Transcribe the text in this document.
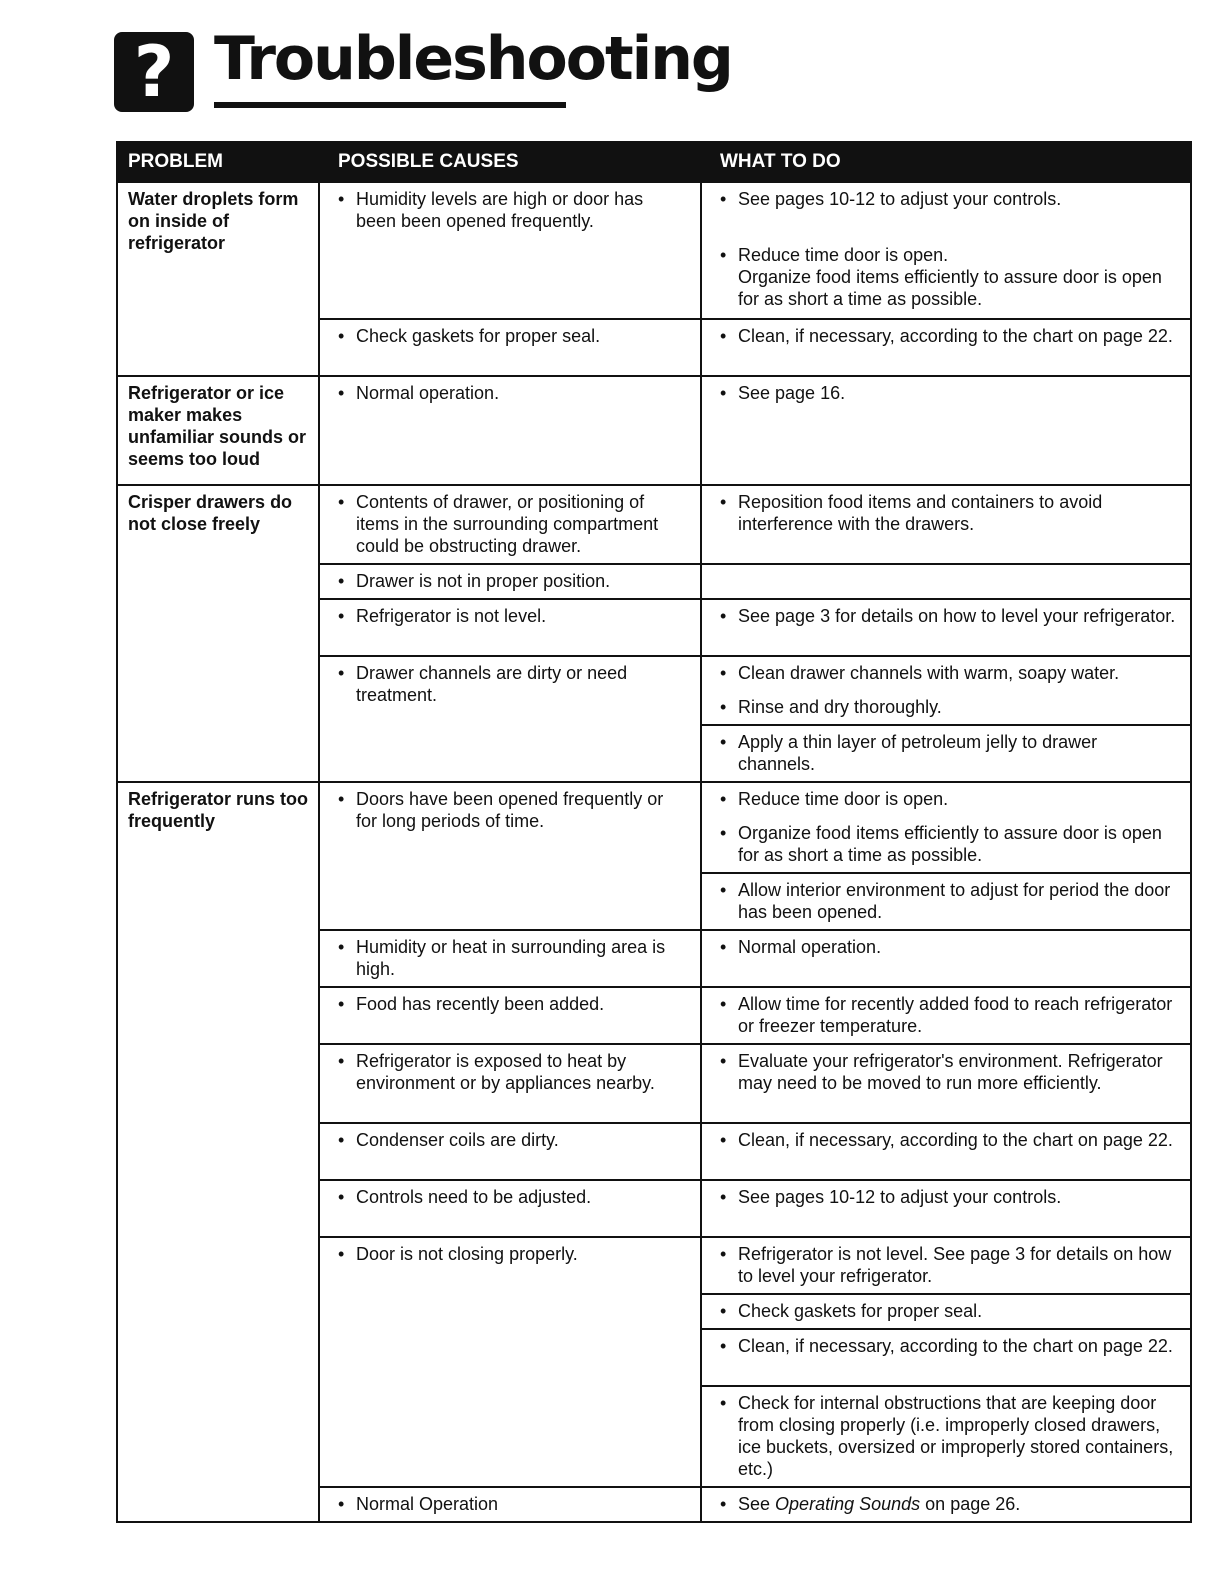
? Troubleshooting
PROBLEM	POSSIBLE CAUSES	WHAT TO DO
Water droplets form on inside of refrigerator	• Humidity levels are high or door has been been opened frequently.	• See pages 10-12 to adjust your controls.
• Reduce time door is open.
Organize food items efficiently to assure door is open for as short a time as possible.

	• Check gaskets for proper seal.	• Clean, if necessary, according to the chart on page 22.

Refrigerator or ice maker makes unfamiliar sounds or seems too loud	• Normal operation.	• See page 16.

Crisper drawers do not close freely	• Contents of drawer, or positioning of items in the surrounding compartment could be obstructing drawer.	• Reposition food items and containers to avoid interference with the drawers.

	• Drawer is not in proper position.

	• Refrigerator is not level.	• See page 3 for details on how to level your refrigerator.

	• Drawer channels are dirty or need treatment.	• Clean drawer channels with warm, soapy water.
• Rinse and dry thoroughly.

		• Apply a thin layer of petroleum jelly to drawer channels.

Refrigerator runs too frequently	• Doors have been opened frequently or for long periods of time.	• Reduce time door is open.
• Organize food items efficiently to assure door is open for as short a time as possible.

		• Allow interior environment to adjust for period the door has been opened.

	• Humidity or heat in surrounding area is high.	• Normal operation.

	• Food has recently been added.	• Allow time for recently added food to reach refrigerator or freezer temperature.

	• Refrigerator is exposed to heat by environment or by appliances nearby.	• Evaluate your refrigerator's environment. Refrigerator may need to be moved to run more efficiently.

	• Condenser coils are dirty.	• Clean, if necessary, according to the chart on page 22.

	• Controls need to be adjusted.	• See pages 10-12 to adjust your controls.

	• Door is not closing properly.	• Refrigerator is not level. See page 3 for details on how to level your refrigerator.

		• Check gaskets for proper seal.

		• Clean, if necessary, according to the chart on page 22.

		• Check for internal obstructions that are keeping door from closing properly (i.e. improperly closed drawers, ice buckets, oversized or improperly stored containers, etc.)

	• Normal Operation	• See Operating Sounds on page 26.
